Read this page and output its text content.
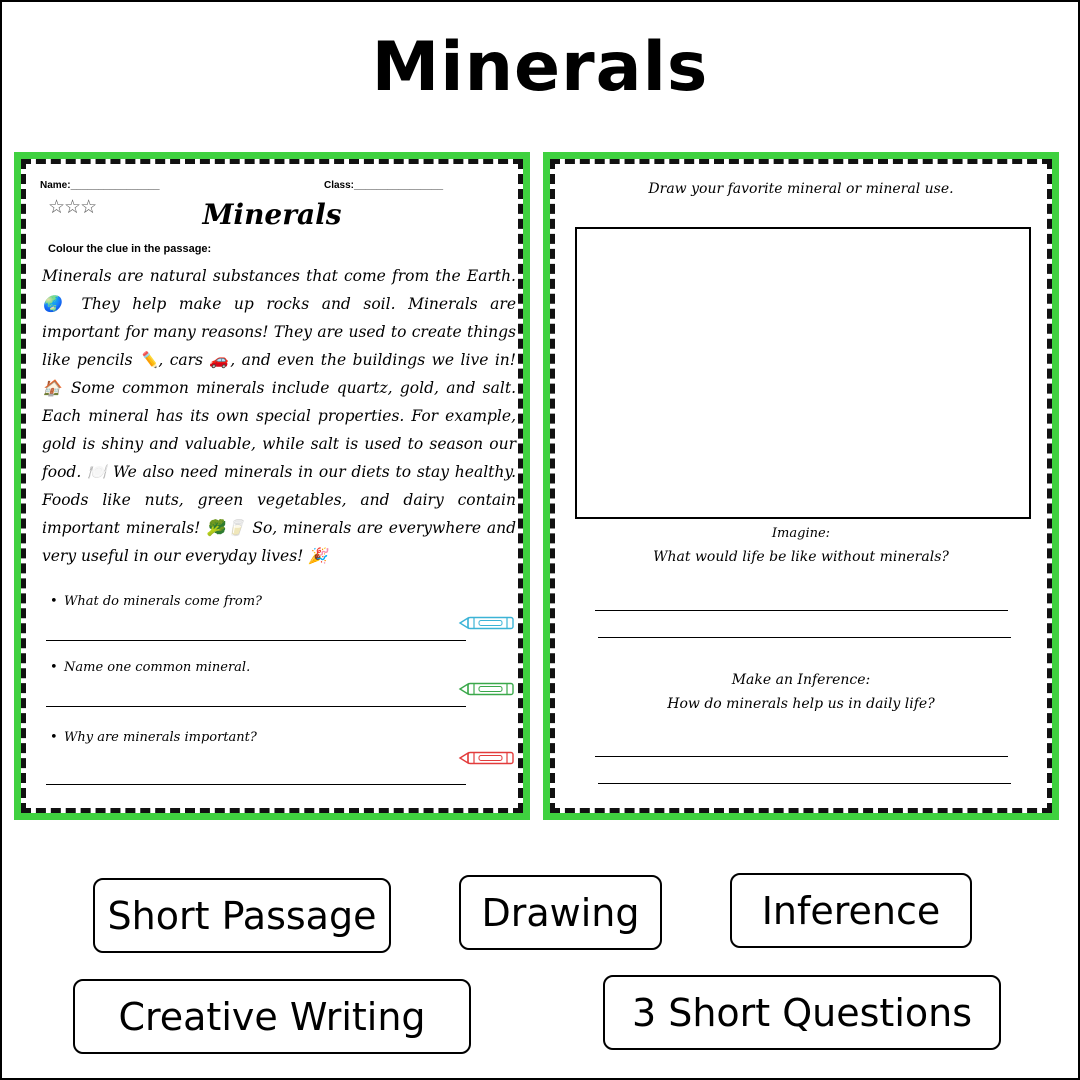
Minerals
Name:________________	Class:________________
☆☆☆	Minerals
Colour the clue in the passage:
Minerals are natural substances that come from the Earth. 🌏 They help make up rocks and soil. Minerals are important for many reasons! They are used to create things like pencils ✏️, cars 🚗, and even the buildings we live in! 🏠 Some common minerals include quartz, gold, and salt. Each mineral has its own special properties. For example, gold is shiny and valuable, while salt is used to season our food. 🍽️ We also need minerals in our diets to stay healthy. Foods like nuts, green vegetables, and dairy contain important minerals! 🥦🥛 So, minerals are everywhere and very useful in our everyday lives! 🎉
• What do minerals come from?
• Name one common mineral.
• Why are minerals important?
Draw your favorite mineral or mineral use.
Imagine:
What would life be like without minerals?
Make an Inference:
How do minerals help us in daily life?
Short Passage	Drawing	Inference
Creative Writing	3 Short Questions
